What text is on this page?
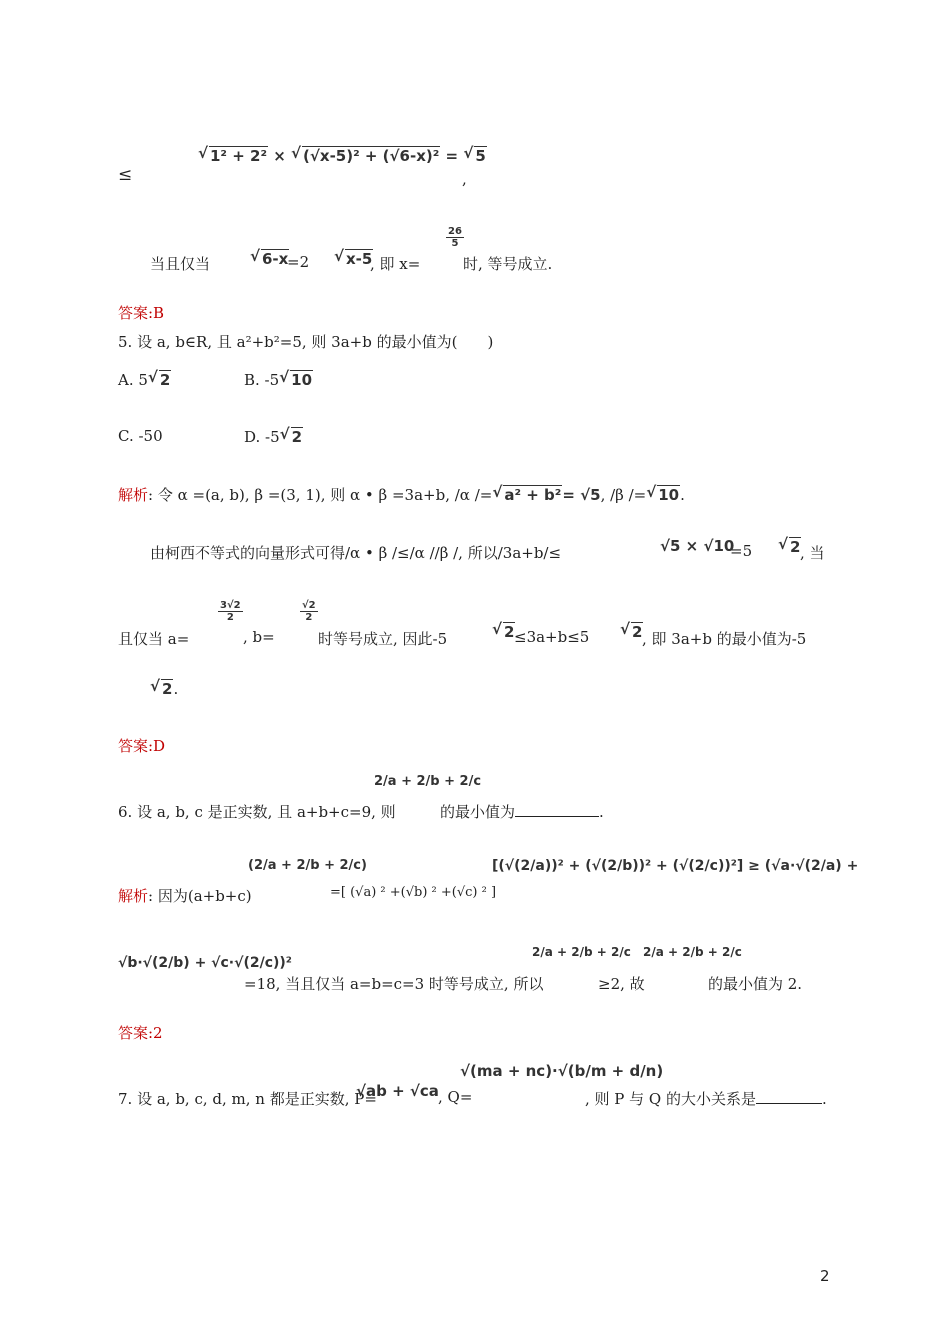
≤
√ 1² + 2² × √ (√x-5)² + (√6-x)² = √ 5
,
当且仅当	√ 6-x
=2	√ x-5
, 即 x=
$\frac{26}{5}$
时, 等号成立.
答案:B
5. 设 a, b∈R, 且 a²+b²=5, 则 3a+b 的最小值为(　　)
A. 5 √ 2	B. -5 √ 10
C. -50	D. -5 √ 2
解析: 令 α =(a, b), β =(3, 1), 则 α • β =3a+b, /α /= √ a² + b²= √5, /β /= √ 10.
由柯西不等式的向量形式可得/α • β /≤/α //β /, 所以/3a+b/≤	√5 × √10
=5	√ 2 , 当
且仅当 a=
$\frac{3√2}{2}$
, b=
$\frac{√2}{2}$
时等号成立, 因此-5	√ 2 ≤3a+b≤5	√ 2 , 即 3a+b 的最小值为-5
√ 2.
答案:D
6. 设 a, b, c 是正实数, 且 a+b+c=9, 则
2/a + 2/b + 2/c
的最小值为	.
解析: 因为(a+b+c)
(2/a + 2/b + 2/c)
=[ (√a) ² +(√b) ² +(√c) ² ]
[(√(2/a))² + (√(2/b))² + (√(2/c))²] ≥ (√a·√(2/a) +
√b·√(2/b) + √c·√(2/c))²
=18, 当且仅当 a=b=c=3 时等号成立, 所以
2/a + 2/b + 2/c
≥2, 故
2/a + 2/b + 2/c
的最小值为 2.
答案:2
7. 设 a, b, c, d, m, n 都是正实数, P=
√ab + √ca , Q=
√(ma + nc)·√(b/m + d/n)
, 则 P 与 Q 的大小关系是	.
2
